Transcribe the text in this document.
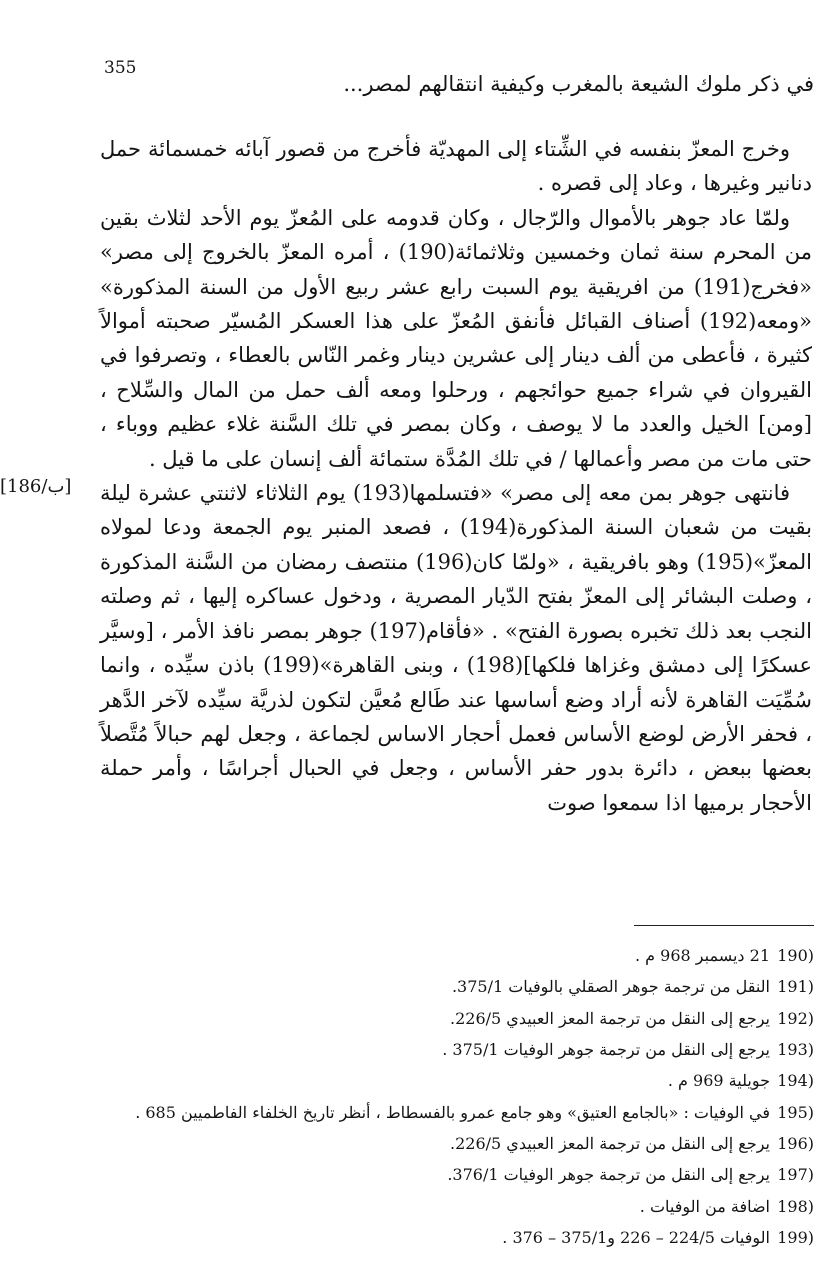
في ذكر ملوك الشيعة بالمغرب وكيفية انتقالهم لمصر...
355

وخرج المعزّ بنفسه في الشِّتاء إلى المهديّة فأخرج من قصور آبائه خمسمائة حمل دنانير وغيرها ، وعاد إلى قصره .

ولمّا عاد جوهر بالأموال والرّجال ، وكان قدومه على المُعزّ يوم الأحد لثلاث بقين من المحرم سنة ثمان وخمسين وثلاثمائة(190) ، أمره المعزّ بالخروج إلى مصر» «فخرج(191) من افريقية يوم السبت رابع عشر ربيع الأول من السنة المذكورة» «ومعه(192) أصناف القبائل فأنفق المُعزّ على هذا العسكر المُسيّر صحبته أموالاً كثيرة ، فأعطى من ألف دينار إلى عشرين دينار وغمر النّاس بالعطاء ، وتصرفوا في القيروان في شراء جميع حوائجهم ، ورحلوا ومعه ألف حمل من المال والسِّلاح ، [ومن] الخيل والعدد ما لا يوصف ، وكان بمصر في تلك السَّنة غلاء عظيم ووباء ، حتى مات من مصر وأعمالها / في تلك المُدَّة ستمائة ألف إنسان على ما قيل .

فانتهى جوهر بمن معه إلى مصر» «فتسلمها(193) يوم الثلاثاء لاثنتي عشرة ليلة بقيت من شعبان السنة المذكورة(194) ، فصعد المنبر يوم الجمعة ودعا لمولاه المعزّ»(195) وهو بافريقية ، «ولمّا كان(196) منتصف رمضان من السَّنة المذكورة ، وصلت البشائر إلى المعزّ بفتح الدّيار المصرية ، ودخول عساكره إليها ، ثم وصلته النجب بعد ذلك تخبره بصورة الفتح» . «فأقام(197) جوهر بمصر نافذ الأمر ، [وسيَّر عسكرًا إلى دمشق وغزاها فلكها](198) ، وبنى القاهرة»(199) باذن سيِّده ، وانما سُمِّيَت القاهرة لأنه أراد وضع أساسها عند طَالع مُعيَّن لتكون لذريَّة سيِّده لآخر الدَّهر ، فحفر الأرض لوضع الأساس فعمل أحجار الاساس لجماعة ، وجعل لهم حبالاً مُتَّصلاً بعضها ببعض ، دائرة بدور حفر الأساس ، وجعل في الحبال أجراسًا ، وأمر حملة الأحجار برميها اذا سمعوا صوت

[186/ب]
(190
21 ديسمبر 968 م .
(191
النقل من ترجمة جوهر الصقلي بالوفيات 375/1.
(192
يرجع إلى النقل من ترجمة المعز العبيدي 226/5.
(193
يرجع إلى النقل من ترجمة جوهر الوفيات 375/1 .
(194
جويلية 969 م .
(195
في الوفيات : «بالجامع العتيق» وهو جامع عمرو بالفسطاط ، أنظر تاريخ الخلفاء الفاطميين 685 .
(196
يرجع إلى النقل من ترجمة المعز العبيدي 226/5.
(197
يرجع إلى النقل من ترجمة جوهر الوفيات 376/1.
(198
اضافة من الوفيات .
(199
الوفيات 224/5 – 226 و375/1 – 376 .
